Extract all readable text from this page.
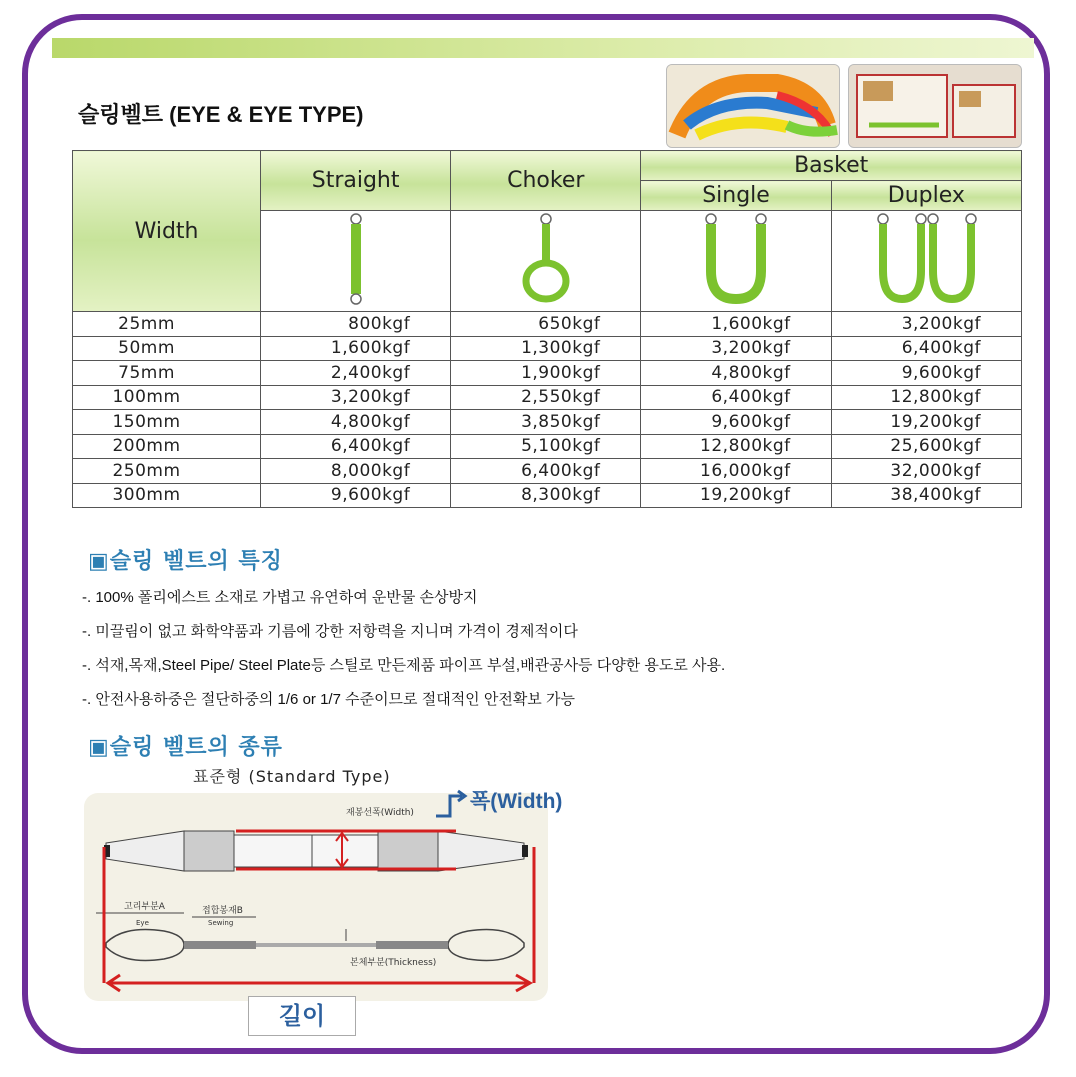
슬링벨트 (EYE & EYE TYPE)
Width	Straight	Choker	Basket	
			Single	Duplex

25mm	800kgf	650kgf	1,600kgf	3,200kgf
50mm	1,600kgf	1,300kgf	3,200kgf	6,400kgf
75mm	2,400kgf	1,900kgf	4,800kgf	9,600kgf
100mm	3,200kgf	2,550kgf	6,400kgf	12,800kgf
150mm	4,800kgf	3,850kgf	9,600kgf	19,200kgf
200mm	6,400kgf	5,100kgf	12,800kgf	25,600kgf
250mm	8,000kgf	6,400kgf	16,000kgf	32,000kgf
300mm	9,600kgf	8,300kgf	19,200kgf	38,400kgf
▣슬링 벨트의 특징
-. 100% 폴리에스트 소재로 가볍고 유연하여 운반물 손상방지
-. 미끌림이 없고 화학약품과 기름에 강한 저항력을 지니며 가격이 경제적이다
-. 석재,목재,Steel Pipe/ Steel Plate등 스틸로 만든제품 파이프 부설,배관공사등 다양한 용도로 사용.
-. 안전사용하중은 절단하중의 1/6 or 1/7 수준이므로 절대적인 안전확보 가능
▣슬링 벨트의 종류
표준형 (Standard Type)
재봉선폭(Width)
고리부분A
Eye
접합봉재B
Sewing
본체부분(Thickness)
폭(Width)
길이
